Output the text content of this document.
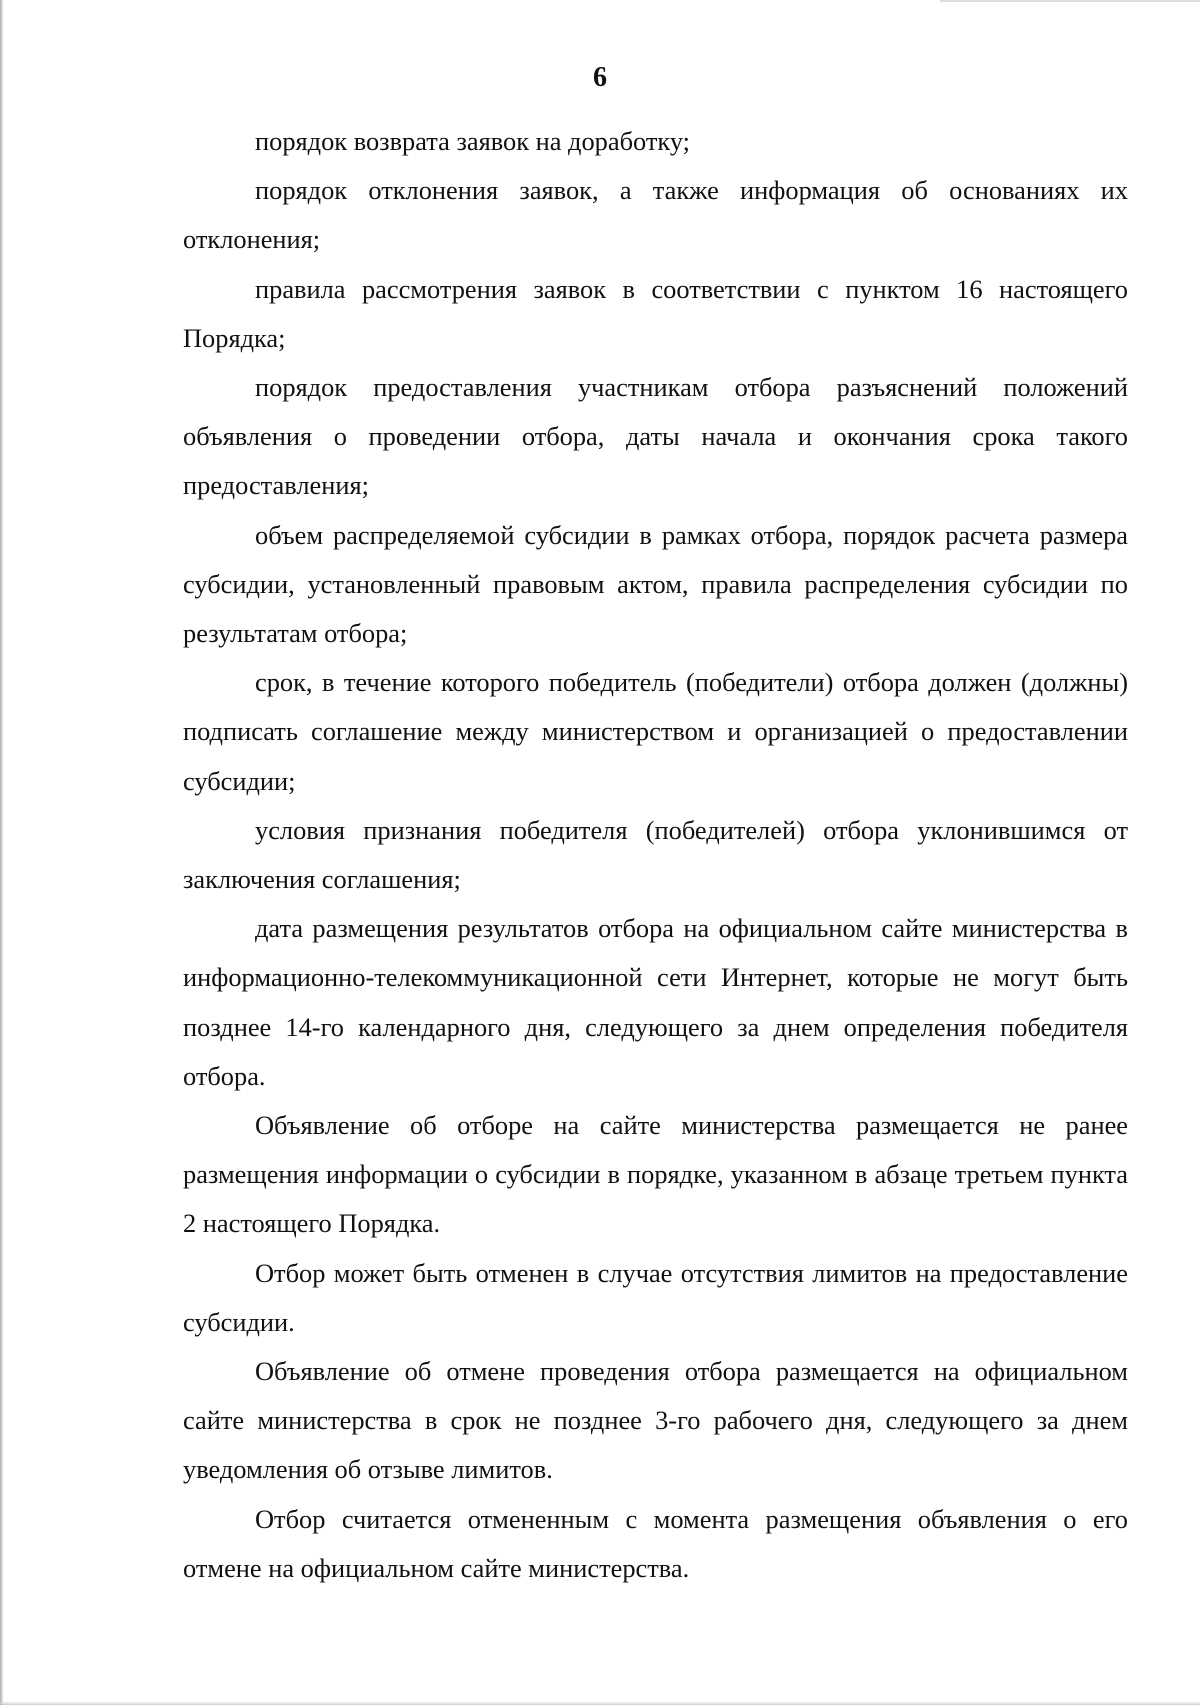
6

порядок возврата заявок на доработку;

порядок отклонения заявок, а также информация об основаниях их отклонения;

правила рассмотрения заявок в соответствии с пунктом 16 настоящего Порядка;

порядок предоставления участникам отбора разъяснений положений объявления о проведении отбора, даты начала и окончания срока такого предоставления;

объем распределяемой субсидии в рамках отбора, порядок расчета размера субсидии, установленный правовым актом, правила распределения субсидии по результатам отбора;

срок, в течение которого победитель (победители) отбора должен (должны) подписать соглашение между министерством и организацией о предоставлении субсидии;

условия признания победителя (победителей) отбора уклонившимся от заключения соглашения;

дата размещения результатов отбора на официальном сайте министерства в информационно-телекоммуникационной сети Интернет, которые не могут быть позднее 14-го календарного дня, следующего за днем определения победителя отбора.

Объявление об отборе на сайте министерства размещается не ранее размещения информации о субсидии в порядке, указанном в абзаце третьем пункта 2 настоящего Порядка.

Отбор может быть отменен в случае отсутствия лимитов на предоставление субсидии.

Объявление об отмене проведения отбора размещается на официальном сайте министерства в срок не позднее 3-го рабочего дня, следующего за днем уведомления об отзыве лимитов.

Отбор считается отмененным с момента размещения объявления о его отмене на официальном сайте министерства.
